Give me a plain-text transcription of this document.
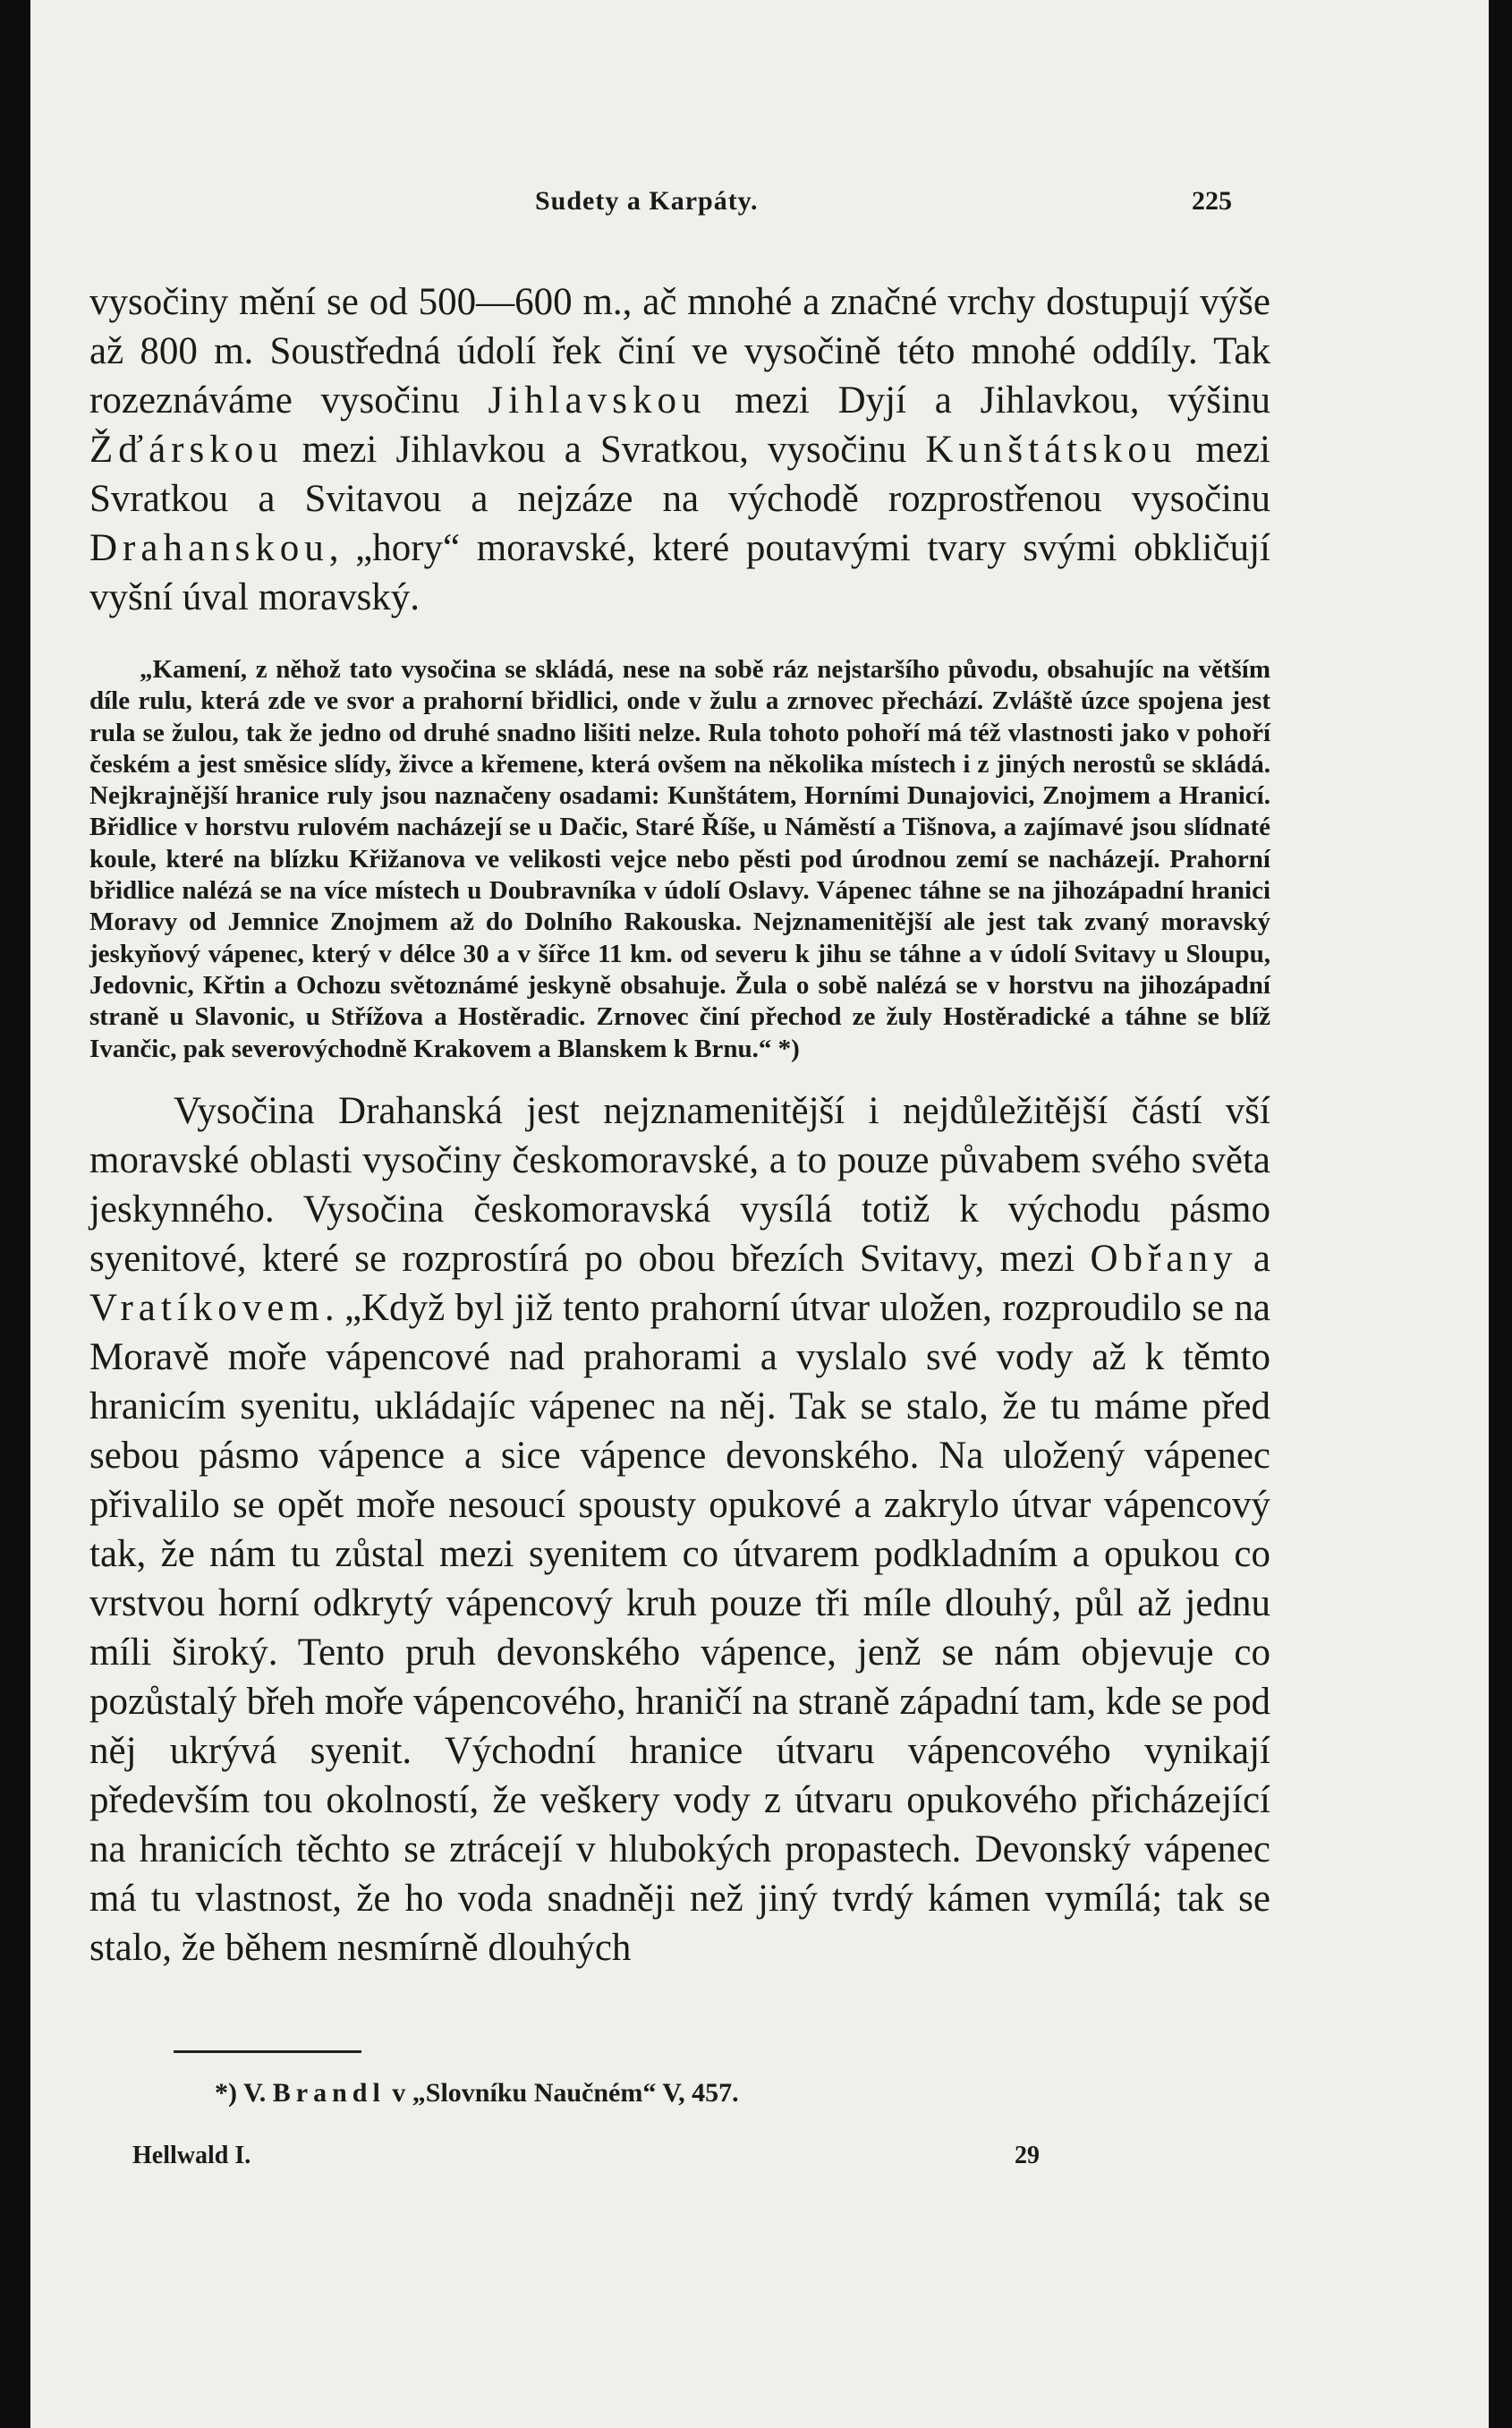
Sudety a Karpáty.	225

vysočiny mění se od 500—600 m., ač mnohé a značné vrchy dostupují výše až 800 m. Soustředná údolí řek činí ve vysočině této mnohé oddíly. Tak rozeznáváme vysočinu Jihlavskou mezi Dyjí a Jihlavkou, výšinu Žďárskou mezi Jihlavkou a Svratkou, vysočinu Kunštátskou mezi Svratkou a Svitavou a nejzáze na východě rozprostřenou vysočinu Drahanskou, „hory“ moravské, které poutavými tvary svými obkličují vyšní úval moravský.

„Kamení, z něhož tato vysočina se skládá, nese na sobě ráz nejstaršího původu, obsahujíc na větším díle rulu, která zde ve svor a prahorní břidlici, onde v žulu a zrnovec přechází. Zvláště úzce spojena jest rula se žulou, tak že jedno od druhé snadno lišiti nelze. Rula tohoto pohoří má též vlastnosti jako v pohoří českém a jest směsice slídy, živce a křemene, která ovšem na několika místech i z jiných nerostů se skládá. Nejkrajnější hranice ruly jsou naznačeny osadami: Kunštátem, Horními Dunajovici, Znojmem a Hranicí. Břidlice v horstvu rulovém nacházejí se u Dačic, Staré Říše, u Náměstí a Tišnova, a zajímavé jsou slídnaté koule, které na blízku Křižanova ve velikosti vejce nebo pěsti pod úrodnou zemí se nacházejí. Prahorní břidlice nalézá se na více místech u Doubravníka v údolí Oslavy. Vápenec táhne se na jihozápadní hranici Moravy od Jemnice Znojmem až do Dolního Rakouska. Nejznamenitější ale jest tak zvaný moravský jeskyňový vápenec, který v délce 30 a v šířce 11 km. od severu k jihu se táhne a v údolí Svitavy u Sloupu, Jedovnic, Křtin a Ochozu světoznámé jeskyně obsahuje. Žula o sobě nalézá se v horstvu na jihozápadní straně u Slavonic, u Střížova a Hostěradic. Zrnovec činí přechod ze žuly Hostěradické a táhne se blíž Ivančic, pak severovýchodně Krakovem a Blanskem k Brnu.“ *)

Vysočina Drahanská jest nejznamenitější i nejdůležitější částí vší moravské oblasti vysočiny českomoravské, a to pouze půvabem svého světa jeskynného. Vysočina českomoravská vysílá totiž k východu pásmo syenitové, které se rozprostírá po obou březích Svitavy, mezi Obřany a Vratíkovem. „Když byl již tento prahorní útvar uložen, rozproudilo se na Moravě moře vápencové nad prahorami a vyslalo své vody až k těmto hranicím syenitu, ukládajíc vápenec na něj. Tak se stalo, že tu máme před sebou pásmo vápence a sice vápence devonského. Na uložený vápenec přivalilo se opět moře nesoucí spousty opukové a zakrylo útvar vápencový tak, že nám tu zůstal mezi syenitem co útvarem podkladním a opukou co vrstvou horní odkrytý vápencový kruh pouze tři míle dlouhý, půl až jednu míli široký. Tento pruh devonského vápence, jenž se nám objevuje co pozůstalý břeh moře vápencového, hraničí na straně západní tam, kde se pod něj ukrývá syenit. Východní hranice útvaru vápencového vynikají především tou okolností, že veškery vody z útvaru opukového přicházející na hranicích těchto se ztrácejí v hlubokých propastech. Devonský vápenec má tu vlastnost, že ho voda snadněji než jiný tvrdý kámen vymílá; tak se stalo, že během nesmírně dlouhých

*) V. Brandl v „Slovníku Naučném“ V, 457.
Hellwald I.	29
